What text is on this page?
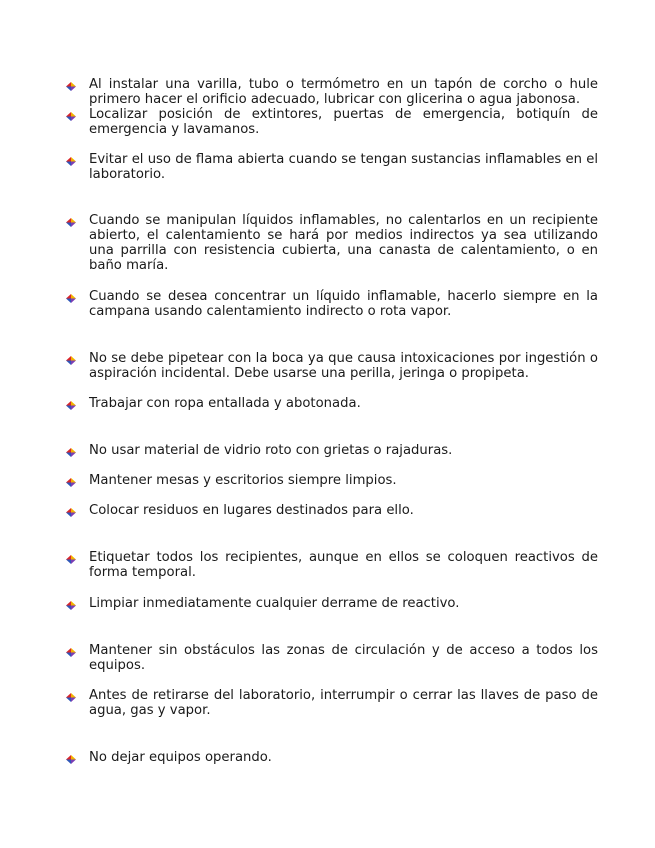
Al instalar una varilla, tubo o termómetro en un tapón de corcho o hule primero hacer el orificio adecuado, lubricar con glicerina o agua jabonosa.

Localizar posición de extintores, puertas de emergencia, botiquín de emergencia y lavamanos.

Evitar el uso de flama abierta cuando se tengan sustancias inflamables en el laboratorio.

Cuando se manipulan líquidos inflamables, no calentarlos en un recipiente abierto, el calentamiento se hará por medios indirectos ya sea utilizando una parrilla con resistencia cubierta, una canasta de calentamiento, o en baño maría.

Cuando se desea concentrar un líquido inflamable, hacerlo siempre en la campana usando calentamiento indirecto o rota vapor.

No se debe pipetear con la boca ya que causa intoxicaciones por ingestión o aspiración incidental. Debe usarse una perilla, jeringa o propipeta.

Trabajar con ropa entallada y abotonada.

No usar material de vidrio roto con grietas o rajaduras.

Mantener mesas y escritorios siempre limpios.

Colocar residuos en lugares destinados para ello.

Etiquetar todos los recipientes, aunque en ellos se coloquen reactivos de forma temporal.

Limpiar inmediatamente cualquier derrame de reactivo.

Mantener sin obstáculos las zonas de circulación y de acceso a todos los equipos.

Antes de retirarse del laboratorio, interrumpir o cerrar las llaves de paso de agua, gas y vapor.

No dejar equipos operando.
